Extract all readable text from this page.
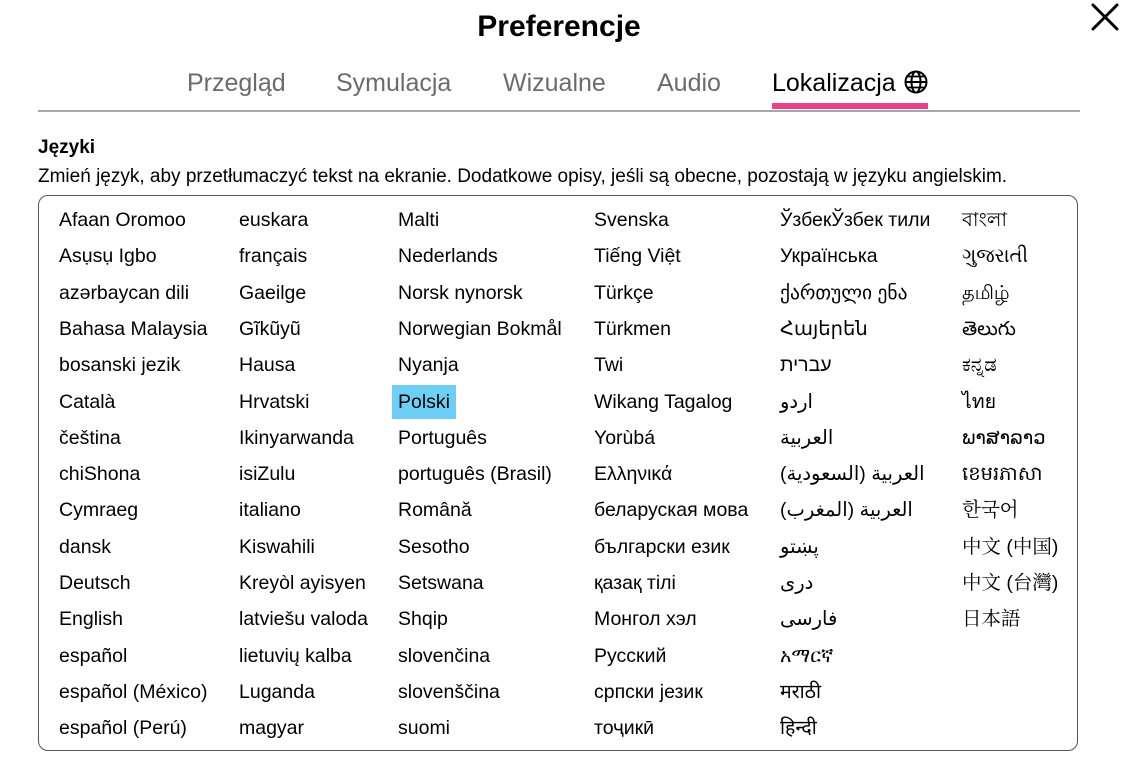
Preferencje
Przegląd Symulacja Wizualne Audio Lokalizacja
Języki
Zmień język, aby przetłumaczyć tekst na ekranie. Dodatkowe opisy, jeśli są obecne, pozostają w języku angielskim.
Afaan Oromoo
Asụsụ Igbo
azərbaycan dili
Bahasa Malaysia
bosanski jezik
Català
čeština
chiShona
Cymraeg
dansk
Deutsch
English
español
español (México)
español (Perú)
euskara
français
Gaeilge
Gĩkũyũ
Hausa
Hrvatski
Ikinyarwanda
isiZulu
italiano
Kiswahili
Kreyòl ayisyen
latviešu valoda
lietuvių kalba
Luganda
magyar
Malti
Nederlands
Norsk nynorsk
Norwegian Bokmål
Nyanja
Polski
Português
português (Brasil)
Română
Sesotho
Setswana
Shqip
slovenčina
slovenščina
suomi
Svenska
Tiếng Việt
Türkçe
Türkmen
Twi
Wikang Tagalog
Yorùbá
Ελληνικά
беларуская мова
български език
қазақ тілі
Монгол хэл
Русский
српски језик
тоҷикӣ
ЎзбекЎзбек тили
Українська
ქართული ენა
Հայերեն
עברית
اردو
العربية
العربية (السعودية)
العربية (المغرب)
پښتو
درى
فارسی
አማርኛ
मराठी
हिन्दी
বাংলা
ગુજરાતી
தமிழ்
తెలుగు
ಕನ್ನಡ
ไทย
ພາສາລາວ
ខេមរភាសា
한국어
中文 (中国)
中文 (台灣)
日本語
